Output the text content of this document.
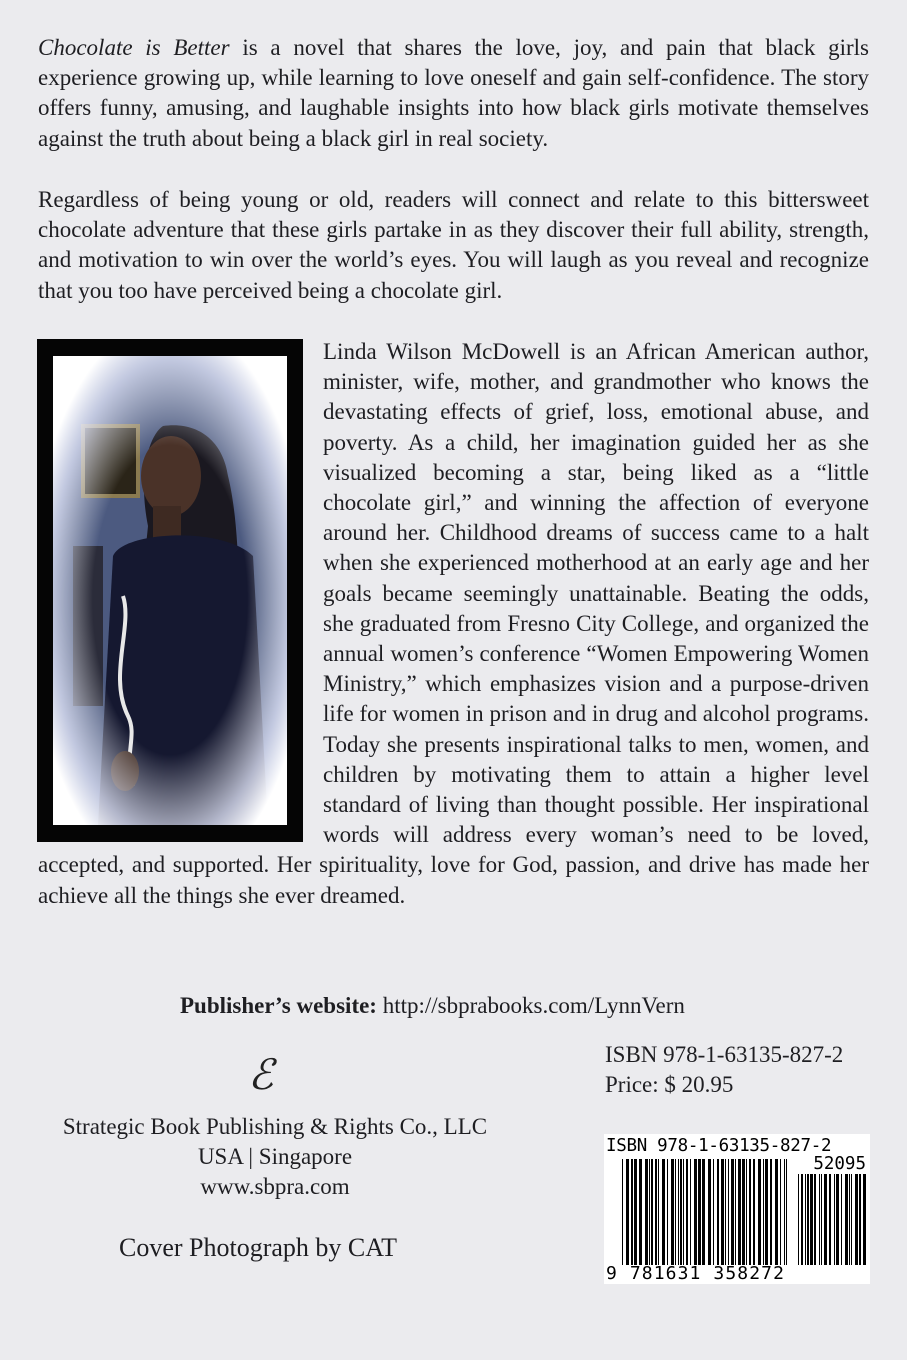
Chocolate is Better is a novel that shares the love, joy, and pain that black girls experience growing up, while learning to love oneself and gain self-confidence. The story offers funny, amusing, and laughable insights into how black girls motivate themselves against the truth about being a black girl in real society.

Regardless of being young or old, readers will connect and relate to this bittersweet chocolate adventure that these girls partake in as they discover their full ability, strength, and motivation to win over the world’s eyes. You will laugh as you reveal and recognize that you too have perceived being a chocolate girl.

Linda Wilson McDowell is an African American author, minister, wife, mother, and grandmother who knows the devastating effects of grief, loss, emotional abuse, and poverty. As a child, her imagination guided her as she visualized becoming a star, being liked as a “little chocolate girl,” and winning the affection of everyone around her. Childhood dreams of success came to a halt when she experienced motherhood at an early age and her goals became seemingly unattainable. Beating the odds, she graduated from Fresno City College, and organized the annual women’s conference “Women Empowering Women Ministry,” which emphasizes vision and a purpose-driven life for women in prison and in drug and alcohol programs. Today she presents inspirational talks to men, women, and children by motivating them to attain a higher level standard of living than thought possible. Her inspirational words will address every woman’s need to be loved, accepted, and supported. Her spirituality, love for God, passion, and drive has made her achieve all the things she ever dreamed.
Publisher’s website: http://sbprabooks.com/LynnVern
ℰ
Strategic Book Publishing & Rights Co., LLC
USA | Singapore
www.sbpra.com
Cover Photograph by CAT
ISBN 978-1-63135-827-2
Price: $ 20.95
ISBN 978-1-63135-827-2
52095
9 781631 358272
